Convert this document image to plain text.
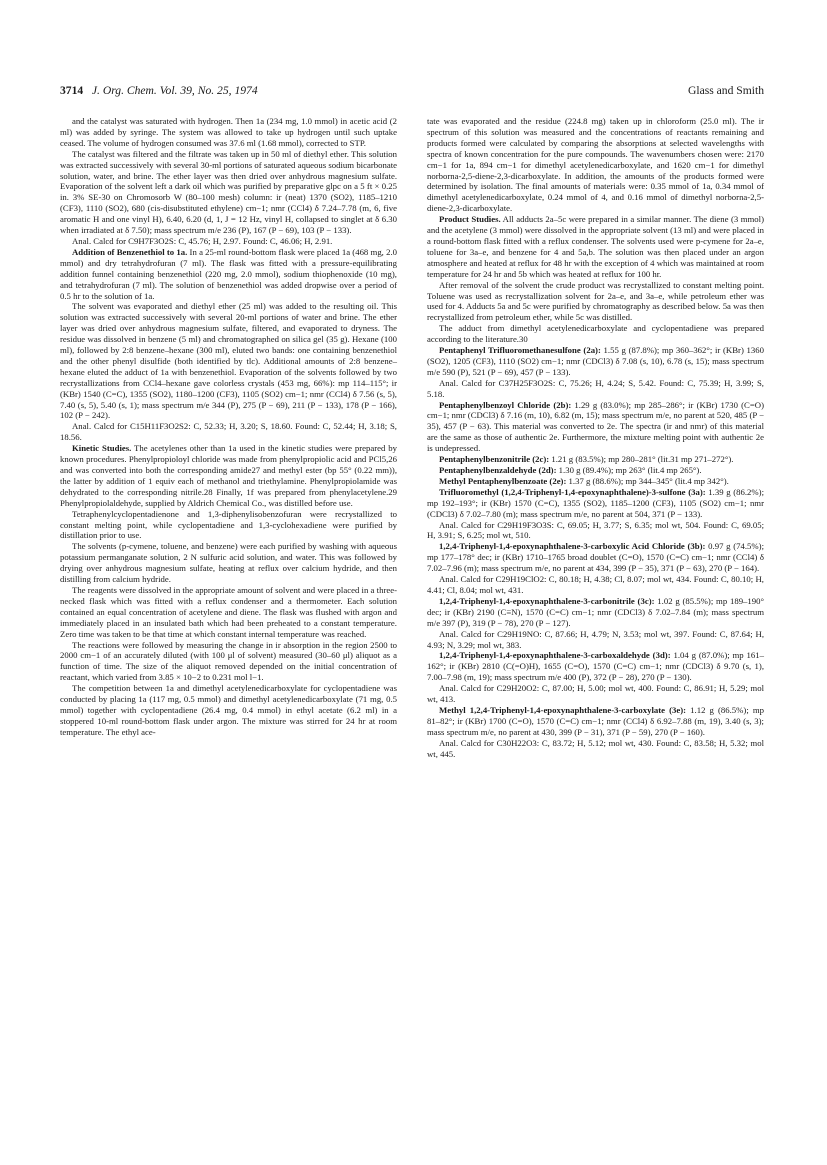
3714 J. Org. Chem. Vol. 39, No. 25, 1974	Glass and Smith

and the catalyst was saturated with hydrogen. Then 1a (234 mg, 1.0 mmol) in acetic acid (2 ml) was added by syringe. The system was allowed to take up hydrogen until such uptake ceased. The volume of hydrogen consumed was 37.6 ml (1.68 mmol), corrected to STP.

The catalyst was filtered and the filtrate was taken up in 50 ml of diethyl ether. This solution was extracted successively with several 30-ml portions of saturated aqueous sodium bicarbonate solution, water, and brine. The ether layer was then dried over anhydrous magnesium sulfate. Evaporation of the solvent left a dark oil which was purified by preparative glpc on a 5 ft × 0.25 in. 3% SE-30 on Chromosorb W (80–100 mesh) column: ir (neat) 1370 (SO2), 1185–1210 (CF3), 1110 (SO2), 680 (cis-disubstituted ethylene) cm−1; nmr (CCl4) δ 7.24–7.78 (m, 6, five aromatic H and one vinyl H), 6.40, 6.20 (d, 1, J = 12 Hz, vinyl H, collapsed to singlet at δ 6.30 when irradiated at δ 7.50); mass spectrum m/e 236 (P), 167 (P − 69), 103 (P − 133).

Anal. Calcd for C9H7F3O2S: C, 45.76; H, 2.97. Found: C, 46.06; H, 2.91.

Addition of Benzenethiol to 1a. In a 25-ml round-bottom flask were placed 1a (468 mg, 2.0 mmol) and dry tetrahydrofuran (7 ml). The flask was fitted with a pressure-equilibrating addition funnel containing benzenethiol (220 mg, 2.0 mmol), sodium thiophenoxide (10 mg), and tetrahydrofuran (7 ml). The solution of benzenethiol was added dropwise over a period of 0.5 hr to the solution of 1a.

The solvent was evaporated and diethyl ether (25 ml) was added to the resulting oil. This solution was extracted successively with several 20-ml portions of water and brine. The ether layer was dried over anhydrous magnesium sulfate, filtered, and evaporated to dryness. The residue was dissolved in benzene (5 ml) and chromatographed on silica gel (35 g). Hexane (100 ml), followed by 2:8 benzene–hexane (300 ml), eluted two bands: one containing benzenethiol and the other phenyl disulfide (both identified by tlc). Additional amounts of 2:8 benzene–hexane eluted the adduct of 1a with benzenethiol. Evaporation of the solvents followed by two recrystallizations from CCl4–hexane gave colorless crystals (453 mg, 66%): mp 114–115°; ir (KBr) 1540 (C=C), 1355 (SO2), 1180–1200 (CF3), 1105 (SO2) cm−1; nmr (CCl4) δ 7.56 (s, 5), 7.40 (s, 5), 5.40 (s, 1); mass spectrum m/e 344 (P), 275 (P − 69), 211 (P − 133), 178 (P − 166), 102 (P − 242).

Anal. Calcd for C15H11F3O2S2: C, 52.33; H, 3.20; S, 18.60. Found: C, 52.44; H, 3.18; S, 18.56.

Kinetic Studies. The acetylenes other than 1a used in the kinetic studies were prepared by known procedures. Phenylpropioloyl chloride was made from phenylpropiolic acid and PCl5,26 and was converted into both the corresponding amide27 and methyl ester (bp 55° (0.22 mm)), the latter by addition of 1 equiv each of methanol and triethylamine. Phenylpropiolamide was dehydrated to the corresponding nitrile.28 Finally, 1f was prepared from phenylacetylene.29 Phenylpropiolaldehyde, supplied by Aldrich Chemical Co., was distilled before use.

Tetraphenylcyclopentadienone and 1,3-diphenylisobenzofuran were recrystallized to constant melting point, while cyclopentadiene and 1,3-cyclohexadiene were purified by distillation prior to use.

The solvents (p-cymene, toluene, and benzene) were each purified by washing with aqueous potassium permanganate solution, 2 N sulfuric acid solution, and water. This was followed by drying over anhydrous magnesium sulfate, heating at reflux over calcium hydride, and then distilling from calcium hydride.

The reagents were dissolved in the appropriate amount of solvent and were placed in a three-necked flask which was fitted with a reflux condenser and a thermometer. Each solution contained an equal concentration of acetylene and diene. The flask was flushed with argon and immediately placed in an insulated bath which had been preheated to a constant temperature. Zero time was taken to be that time at which constant internal temperature was reached.

The reactions were followed by measuring the change in ir absorption in the region 2500 to 2000 cm−1 of an accurately diluted (with 100 μl of solvent) measured (30–60 μl) aliquot as a function of time. The size of the aliquot removed depended on the initial concentration of reactant, which varied from 3.85 × 10−2 to 0.231 mol l−1.

The competition between 1a and dimethyl acetylenedicarboxylate for cyclopentadiene was conducted by placing 1a (117 mg, 0.5 mmol) and dimethyl acetylenedicarboxylate (71 mg, 0.5 mmol) together with cyclopentadiene (26.4 mg, 0.4 mmol) in ethyl acetate (6.2 ml) in a stoppered 10-ml round-bottom flask under argon. The mixture was stirred for 24 hr at room temperature. The ethyl ace-

tate was evaporated and the residue (224.8 mg) taken up in chloroform (25.0 ml). The ir spectrum of this solution was measured and the concentrations of reactants remaining and products formed were calculated by comparing the absorptions at selected wavelengths with spectra of known concentration for the pure compounds. The wavenumbers chosen were: 2170 cm−1 for 1a, 894 cm−1 for dimethyl acetylenedicarboxylate, and 1620 cm−1 for dimethyl norborna-2,5-diene-2,3-dicarboxylate. In addition, the amounts of the products formed were determined by isolation. The final amounts of materials were: 0.35 mmol of 1a, 0.34 mmol of dimethyl acetylenedicarboxylate, 0.24 mmol of 4, and 0.16 mmol of dimethyl norborna-2,5-diene-2,3-dicarboxylate.

Product Studies. All adducts 2a–5c were prepared in a similar manner. The diene (3 mmol) and the acetylene (3 mmol) were dissolved in the appropriate solvent (13 ml) and were placed in a round-bottom flask fitted with a reflux condenser. The solvents used were p-cymene for 2a–e, toluene for 3a–e, and benzene for 4 and 5a,b. The solution was then placed under an argon atmosphere and heated at reflux for 48 hr with the exception of 4 which was maintained at room temperature for 24 hr and 5b which was heated at reflux for 100 hr.

After removal of the solvent the crude product was recrystallized to constant melting point. Toluene was used as recrystallization solvent for 2a–e, and 3a–e, while petroleum ether was used for 4. Adducts 5a and 5c were purified by chromatography as described below. 5a was then recrystallized from petroleum ether, while 5c was distilled.

The adduct from dimethyl acetylenedicarboxylate and cyclopentadiene was prepared according to the literature.30

Pentaphenyl Trifluoromethanesulfone (2a): 1.55 g (87.8%); mp 360–362°; ir (KBr) 1360 (SO2), 1205 (CF3), 1110 (SO2) cm−1; nmr (CDCl3) δ 7.08 (s, 10), 6.78 (s, 15); mass spectrum m/e 590 (P), 521 (P − 69), 457 (P − 133).

Anal. Calcd for C37H25F3O2S: C, 75.26; H, 4.24; S, 5.42. Found: C, 75.39; H, 3.99; S, 5.18.

Pentaphenylbenzoyl Chloride (2b): 1.29 g (83.0%); mp 285–286°; ir (KBr) 1730 (C=O) cm−1; nmr (CDCl3) δ 7.16 (m, 10), 6.82 (m, 15); mass spectrum m/e, no parent at 520, 485 (P − 35), 457 (P − 63). This material was converted to 2e. The spectra (ir and nmr) of this material are the same as those of authentic 2e. Furthermore, the mixture melting point with authentic 2e is undepressed.

Pentaphenylbenzonitrile (2c): 1.21 g (83.5%); mp 280–281° (lit.31 mp 271–272°).

Pentaphenylbenzaldehyde (2d): 1.30 g (89.4%); mp 263° (lit.4 mp 265°).

Methyl Pentaphenylbenzoate (2e): 1.37 g (88.6%); mp 344–345° (lit.4 mp 342°).

Trifluoromethyl (1,2,4-Triphenyl-1,4-epoxynaphthalene)-3-sulfone (3a): 1.39 g (86.2%); mp 192–193°; ir (KBr) 1570 (C=C), 1355 (SO2), 1185–1200 (CF3), 1105 (SO2) cm−1; nmr (CDCl3) δ 7.02–7.80 (m); mass spectrum m/e, no parent at 504, 371 (P − 133).

Anal. Calcd for C29H19F3O3S: C, 69.05; H, 3.77; S, 6.35; mol wt, 504. Found: C, 69.05; H, 3.91; S, 6.25; mol wt, 510.

1,2,4-Triphenyl-1,4-epoxynaphthalene-3-carboxylic Acid Chloride (3b): 0.97 g (74.5%); mp 177–178° dec; ir (KBr) 1710–1765 broad doublet (C=O), 1570 (C=C) cm−1; nmr (CCl4) δ 7.02–7.96 (m); mass spectrum m/e, no parent at 434, 399 (P − 35), 371 (P − 63), 270 (P − 164).

Anal. Calcd for C29H19ClO2: C, 80.18; H, 4.38; Cl, 8.07; mol wt, 434. Found: C, 80.10; H, 4.41; Cl, 8.04; mol wt, 431.

1,2,4-Triphenyl-1,4-epoxynaphthalene-3-carbonitrile (3c): 1.02 g (85.5%); mp 189–190° dec; ir (KBr) 2190 (C≡N), 1570 (C=C) cm−1; nmr (CDCl3) δ 7.02–7.84 (m); mass spectrum m/e 397 (P), 319 (P − 78), 270 (P − 127).

Anal. Calcd for C29H19NO: C, 87.66; H, 4.79; N, 3.53; mol wt, 397. Found: C, 87.64; H, 4.93; N, 3.29; mol wt, 383.

1,2,4-Triphenyl-1,4-epoxynaphthalene-3-carboxaldehyde (3d): 1.04 g (87.0%); mp 161–162°; ir (KBr) 2810 (C(=O)H), 1655 (C=O), 1570 (C=C) cm−1; nmr (CDCl3) δ 9.70 (s, 1), 7.00–7.98 (m, 19); mass spectrum m/e 400 (P), 372 (P − 28), 270 (P − 130).

Anal. Calcd for C29H20O2: C, 87.00; H, 5.00; mol wt, 400. Found: C, 86.91; H, 5.29; mol wt, 413.

Methyl 1,2,4-Triphenyl-1,4-epoxynaphthalene-3-carboxylate (3e): 1.12 g (86.5%); mp 81–82°; ir (KBr) 1700 (C=O), 1570 (C=C) cm−1; nmr (CCl4) δ 6.92–7.88 (m, 19), 3.40 (s, 3); mass spectrum m/e, no parent at 430, 399 (P − 31), 371 (P − 59), 270 (P − 160).

Anal. Calcd for C30H22O3: C, 83.72; H, 5.12; mol wt, 430. Found: C, 83.58; H, 5.32; mol wt, 445.
